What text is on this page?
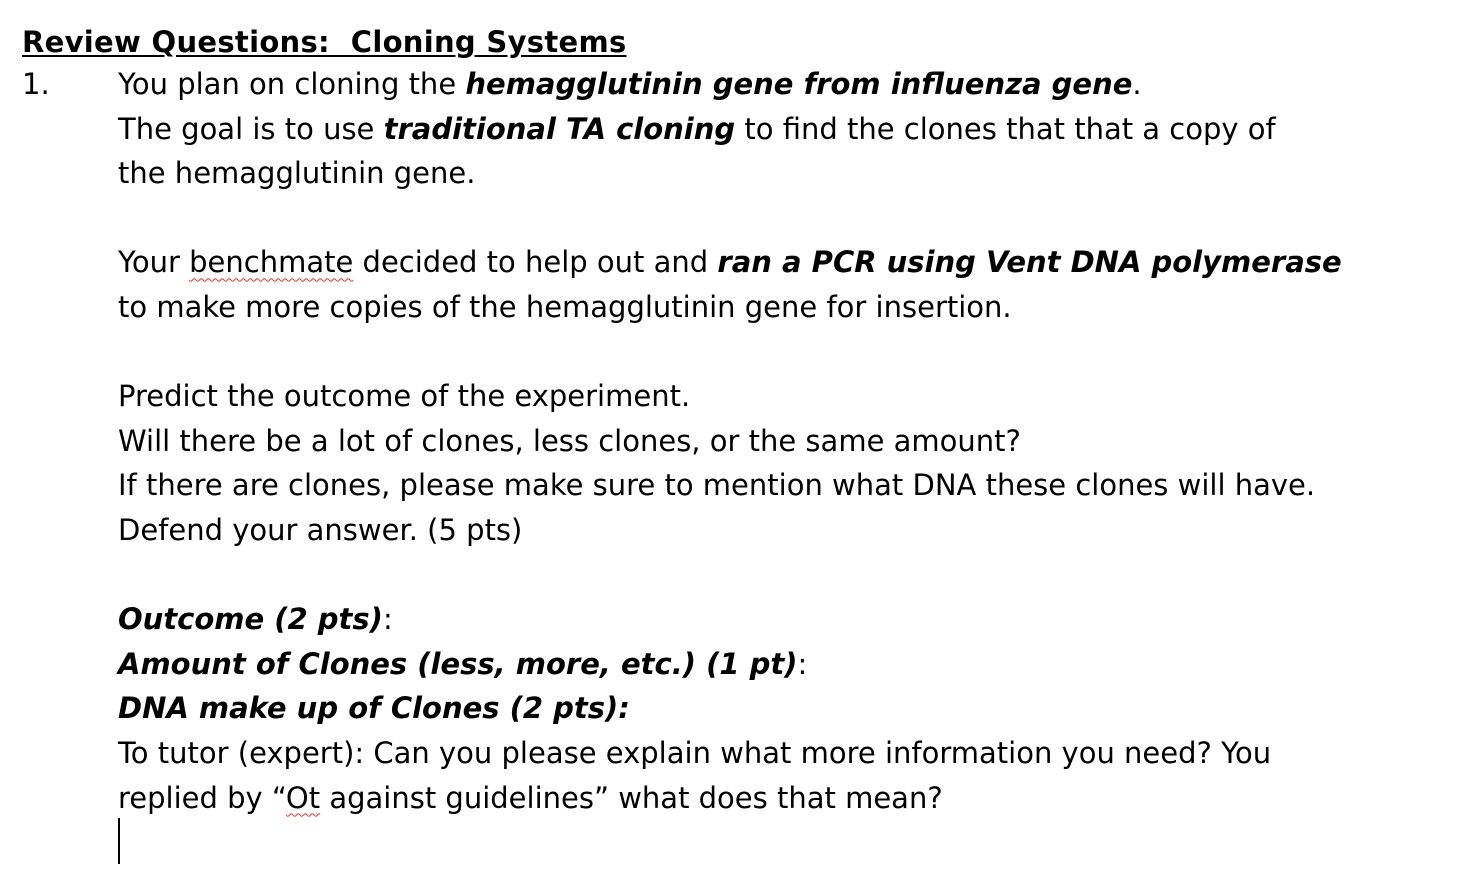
Review Questions:  Cloning Systems
1. You plan on cloning the hemagglutinin gene from influenza gene.
The goal is to use traditional TA cloning to find the clones that that a copy of
the hemagglutinin gene.
Your benchmate decided to help out and ran a PCR using Vent DNA polymerase
to make more copies of the hemagglutinin gene for insertion.
Predict the outcome of the experiment.
Will there be a lot of clones, less clones, or the same amount?
If there are clones, please make sure to mention what DNA these clones will have.
Defend your answer. (5 pts)
Outcome (2 pts):
Amount of Clones (less, more, etc.) (1 pt):
DNA make up of Clones (2 pts):
To tutor (expert): Can you please explain what more information you need? You
replied by “Ot against guidelines” what does that mean?
